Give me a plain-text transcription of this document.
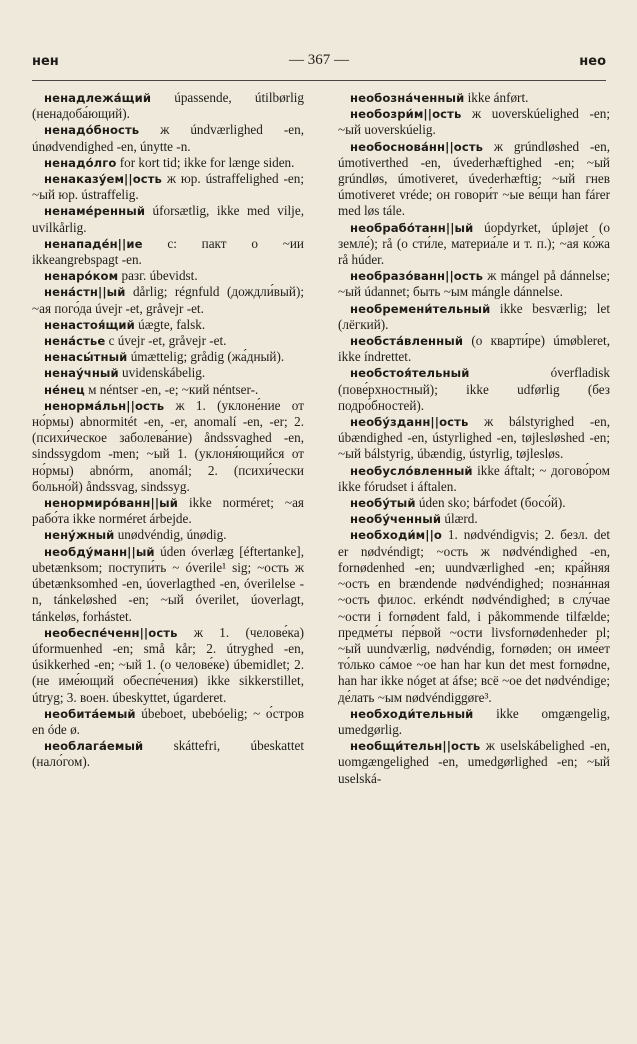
нен	— 367 —	нео

ненадлежа́щий úpassende, útilbørlig (ненадоба́ющий).

ненадо́бность ж úndværlighed -en, únødvendighed -en, únytte -n.

ненадо́лго for kort tid; ikke for længe siden.

ненаказу́ем||ость ж юр. ústraffelighed -en; ~ый юр. ústraffelig.

ненаме́ренный úforsætlig, ikke med vilje, uvilkårlig.

ненападе́н||ие с: пакт о ~ии ikkeangrebspagt -en.

ненаро́ком разг. úbevidst.

нена́стн||ый dårlig; régnfuld (дождли́вый); ~ая пого́да úvejr -et, gråvejr -et.

ненастоя́щий úægte, falsk.

нена́стье с úvejr -et, gråvejr -et.

ненасы́тный úmættelig; grådig (жа́дный).

ненау́чный uvidenskábelig.

не́нец м néntser -en, -e; ~кий néntser-.

ненорма́льн||ость ж 1. (уклоне́ние от но́рмы) abnormitét -en, -er, anomalí -en, -er; 2. (психи́ческое заболева́ние) åndssvaghed -en, sindssygdom -men; ~ый 1. (уклоня́ющийся от но́рмы) abnórm, anomál; 2. (психи́чески больно́й) åndssvag, sindssyg.

ненормиро́ванн||ый ikke norméret; ~ая рабо́та ikke norméret árbejde.

нену́жный unødvéndig, únødig.

необду́манн||ый úden óverlæg [éftertanke], ubetænksom; поступи́ть ~ óverile¹ sig; ~ость ж úbetænksomhed -en, úoverlagthed -en, óverilelse -n, tánkeløshed -en; ~ый óverilet, úoverlagt, tánkeløs, forhástet.

необеспе́ченн||ость ж 1. (челове́ка) úformuenhed -en; små kår; 2. útryghed -en, úsikkerhed -en; ~ый 1. (о челове́ке) úbemidlet; 2. (не име́ющий обеспе́чения) ikke sikkerstillet, útryg; 3. воен. úbeskyttet, úgarderet.

необита́емый úbeboet, ubebóelig; ~ о́стров en óde ø.

необлага́емый skáttefri, úbeskattet (нало́гом).

необозна́ченный ikke ánført.

необозри́м||ость ж uoverskúelighed -en; ~ый uoverskúelig.

необоснова́нн||ость ж grúndløshed -en, úmotiverthed -en, úvederhæftighed -en; ~ый grúndløs, úmotiveret, úvederhæftig; ~ый гнев úmotiveret vréde; он говори́т ~ые ве́щи han fárer med løs tále.

необрабо́танн||ый úopdyrket, úpløjet (о земле́); rå (о сти́ле, материа́ле и т. п.); ~ая ко́жа rå húder.

необразо́ванн||ость ж mángel på dánnelse; ~ый údannet; быть ~ым mángle dánnelse.

необремени́тельный ikke besværlig; let (лёгкий).

необста́вленный (о кварти́ре) úmøbleret, ikke índrettet.

необстоя́тельный óverfladisk (пове́рхностный); ikke udførlig (без подро́бностей).

необу́зданн||ость ж bálstyrighed -en, úbændighed -en, ústyrlighed -en, tøjlesløshed -en; ~ый bálstyrig, úbændig, ústyrlig, tøjlesløs.

необусло́вленный ikke áftalt; ~ догово́ром ikke fórudset i áftalen.

необу́тый úden sko; bárfodet (босо́й).

необу́ченный úlærd.

необходи́м||о 1. nødvéndigvis; 2. безл. det er nødvéndigt; ~ость ж nødvéndighed -en, fornødenhed -en; uundværlighed -en; кра́йняя ~ость en brændende nødvéndighed; позна́нная ~ость филос. erkéndt nødvéndighed; в слу́чае ~ости i fornødent fald, i påkommende tilfælde; предме́ты пе́рвой ~ости livsfornødenheder pl; ~ый uundværlig, nødvéndig, fornøden; он име́ет то́лько са́мое ~ое han har kun det mest fornødne, han har ikke nóget at áfse; всё ~ое det nødvéndige; де́лать ~ым nødvéndiggøre³.

необходи́тельный ikke omgængelig, umedgørlig.

необщи́тельн||ость ж uselskábelighed -en, uomgængelighed -en, umedgørlighed -en; ~ый uselská-
